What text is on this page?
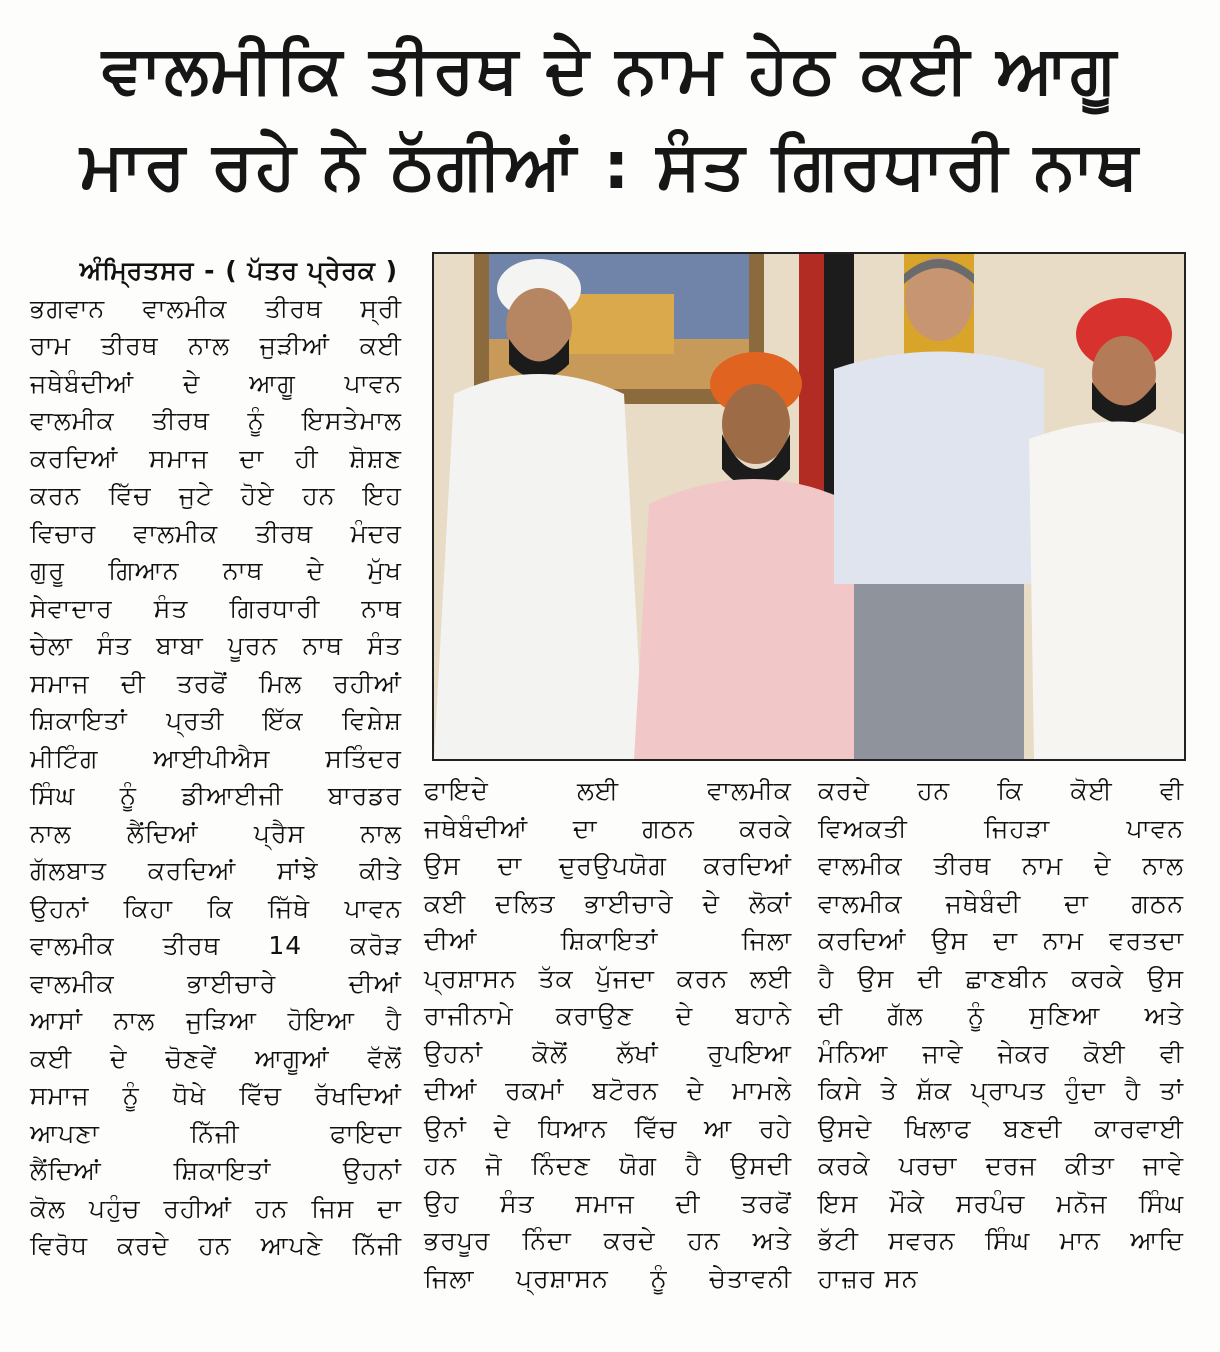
ਵਾਲਮੀਕਿ ਤੀਰਥ ਦੇ ਨਾਮ ਹੇਠ ਕਈ ਆਗੂ
ਮਾਰ ਰਹੇ ਨੇ ਠੱਗੀਆਂ : ਸੰਤ ਗਿਰਧਾਰੀ ਨਾਥ
ਅੰਮ੍ਰਿਤਸਰ - ( ਪੱਤਰ ਪ੍ਰੇਰਕ )
ਭਗਵਾਨ ਵਾਲਮੀਕ ਤੀਰਥ ਸ੍ਰੀ
ਰਾਮ ਤੀਰਥ ਨਾਲ ਜੁੜੀਆਂ ਕਈ
ਜਥੇਬੰਦੀਆਂ ਦੇ ਆਗੂ ਪਾਵਨ
ਵਾਲਮੀਕ ਤੀਰਥ ਨੂੰ ਇਸਤੇਮਾਲ
ਕਰਦਿਆਂ ਸਮਾਜ ਦਾ ਹੀ ਸ਼ੋਸ਼ਣ
ਕਰਨ ਵਿੱਚ ਜੁਟੇ ਹੋਏ ਹਨ ਇਹ
ਵਿਚਾਰ ਵਾਲਮੀਕ ਤੀਰਥ ਮੰਦਰ
ਗੁਰੂ ਗਿਆਨ ਨਾਥ ਦੇ ਮੁੱਖ
ਸੇਵਾਦਾਰ ਸੰਤ ਗਿਰਧਾਰੀ ਨਾਥ
ਚੇਲਾ ਸੰਤ ਬਾਬਾ ਪੂਰਨ ਨਾਥ ਸੰਤ
ਸਮਾਜ ਦੀ ਤਰਫੋਂ ਮਿਲ ਰਹੀਆਂ
ਸ਼ਿਕਾਇਤਾਂ ਪ੍ਰਤੀ ਇੱਕ ਵਿਸ਼ੇਸ਼
ਮੀਟਿੰਗ ਆਈਪੀਐਸ ਸਤਿੰਦਰ
ਸਿੰਘ ਨੂੰ ਡੀਆਈਜੀ ਬਾਰਡਰ
ਨਾਲ ਲੈਂਦਿਆਂ ਪ੍ਰੈਸ ਨਾਲ
ਗੱਲਬਾਤ ਕਰਦਿਆਂ ਸਾਂਝੇ ਕੀਤੇ
ਉਹਨਾਂ ਕਿਹਾ ਕਿ ਜਿੱਥੇ ਪਾਵਨ
ਵਾਲਮੀਕ ਤੀਰਥ 14 ਕਰੋੜ
ਵਾਲਮੀਕ ਭਾਈਚਾਰੇ ਦੀਆਂ
ਆਸਾਂ ਨਾਲ ਜੁੜਿਆ ਹੋਇਆ ਹੈ
ਕਈ ਦੇ ਚੋਣਵੇਂ ਆਗੂਆਂ ਵੱਲੋਂ
ਸਮਾਜ ਨੂੰ ਧੋਖੇ ਵਿੱਚ ਰੱਖਦਿਆਂ
ਆਪਣਾ ਨਿੱਜੀ ਫਾਇਦਾ
ਲੈਂਦਿਆਂ ਸ਼ਿਕਾਇਤਾਂ ਉਹਨਾਂ
ਕੋਲ ਪਹੁੰਚ ਰਹੀਆਂ ਹਨ ਜਿਸ ਦਾ
ਵਿਰੋਧ ਕਰਦੇ ਹਨ ਆਪਣੇ ਨਿੱਜੀ
ਫਾਇਦੇ ਲਈ ਵਾਲਮੀਕ
ਜਥੇਬੰਦੀਆਂ ਦਾ ਗਠਨ ਕਰਕੇ
ਉਸ ਦਾ ਦੁਰਉਪਯੋਗ ਕਰਦਿਆਂ
ਕਈ ਦਲਿਤ ਭਾਈਚਾਰੇ ਦੇ ਲੋਕਾਂ
ਦੀਆਂ ਸ਼ਿਕਾਇਤਾਂ ਜਿਲਾ
ਪ੍ਰਸ਼ਾਸਨ ਤੱਕ ਪੁੱਜਦਾ ਕਰਨ ਲਈ
ਰਾਜੀਨਾਮੇ ਕਰਾਉਣ ਦੇ ਬਹਾਨੇ
ਉਹਨਾਂ ਕੋਲੋਂ ਲੱਖਾਂ ਰੁਪਇਆ
ਦੀਆਂ ਰਕਮਾਂ ਬਟੋਰਨ ਦੇ ਮਾਮਲੇ
ਉਨਾਂ ਦੇ ਧਿਆਨ ਵਿੱਚ ਆ ਰਹੇ
ਹਨ ਜੋ ਨਿੰਦਣ ਯੋਗ ਹੈ ਉਸਦੀ
ਉਹ ਸੰਤ ਸਮਾਜ ਦੀ ਤਰਫੋਂ
ਭਰਪੂਰ ਨਿੰਦਾ ਕਰਦੇ ਹਨ ਅਤੇ
ਜਿਲਾ ਪ੍ਰਸ਼ਾਸਨ ਨੂੰ ਚੇਤਾਵਨੀ
ਕਰਦੇ ਹਨ ਕਿ ਕੋਈ ਵੀ
ਵਿਅਕਤੀ ਜਿਹੜਾ ਪਾਵਨ
ਵਾਲਮੀਕ ਤੀਰਥ ਨਾਮ ਦੇ ਨਾਲ
ਵਾਲਮੀਕ ਜਥੇਬੰਦੀ ਦਾ ਗਠਨ
ਕਰਦਿਆਂ ਉਸ ਦਾ ਨਾਮ ਵਰਤਦਾ
ਹੈ ਉਸ ਦੀ ਛਾਣਬੀਨ ਕਰਕੇ ਉਸ
ਦੀ ਗੱਲ ਨੂੰ ਸੁਣਿਆ ਅਤੇ
ਮੰਨਿਆ ਜਾਵੇ ਜੇਕਰ ਕੋਈ ਵੀ
ਕਿਸੇ ਤੇ ਸ਼ੱਕ ਪ੍ਰਾਪਤ ਹੁੰਦਾ ਹੈ ਤਾਂ
ਉਸਦੇ ਖਿਲਾਫ ਬਣਦੀ ਕਾਰਵਾਈ
ਕਰਕੇ ਪਰਚਾ ਦਰਜ ਕੀਤਾ ਜਾਵੇ
ਇਸ ਮੌਕੇ ਸਰਪੰਚ ਮਨੋਜ ਸਿੰਘ
ਭੱਟੀ ਸਵਰਨ ਸਿੰਘ ਮਾਨ ਆਦਿ
ਹਾਜ਼ਰ ਸਨ
